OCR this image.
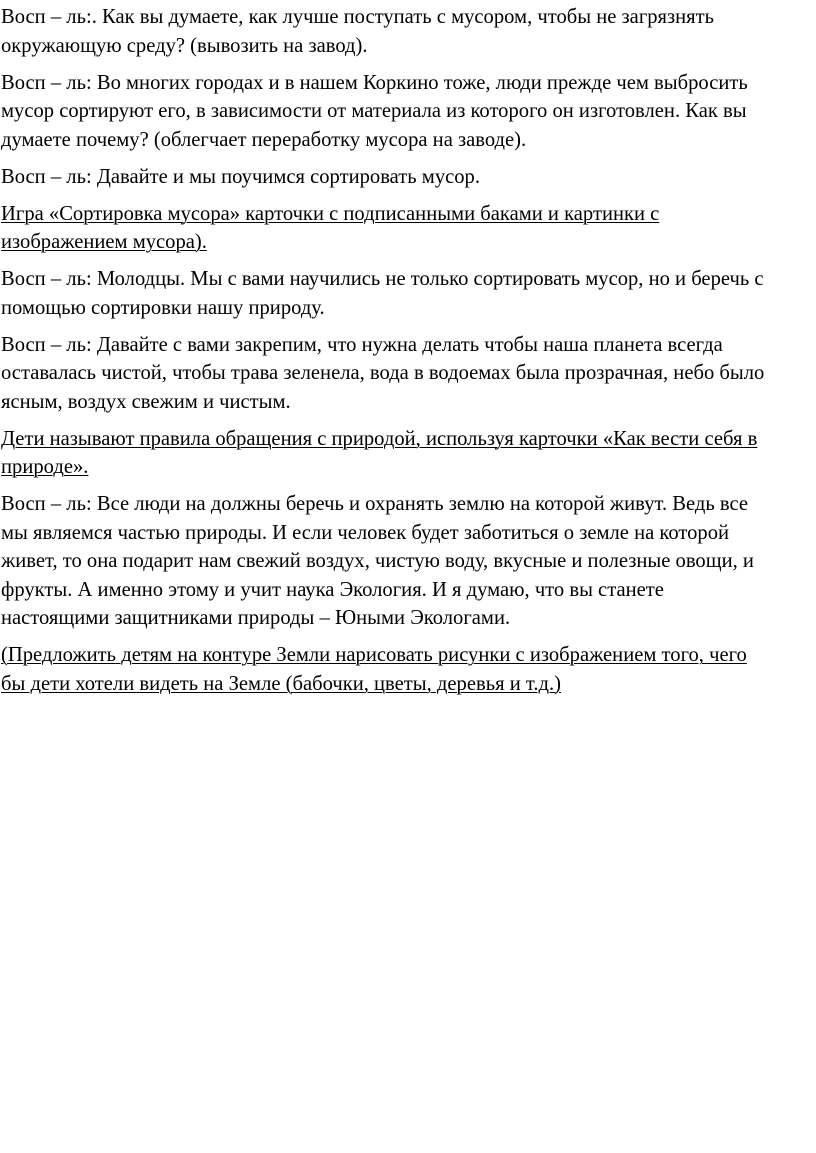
Восп – ль:. Как вы думаете, как лучше поступать с мусором, чтобы не загрязнять
окружающую среду? (вывозить на завод).

Восп – ль: Во многих городах и в нашем Коркино тоже, люди прежде чем выбросить
мусор сортируют его, в зависимости от материала из которого он изготовлен. Как вы
думаете почему? (облегчает переработку мусора на заводе).

Восп – ль: Давайте и мы поучимся сортировать мусор.

Игра «Сортировка мусора» карточки с подписанными баками и картинки с
изображением мусора).

Восп – ль: Молодцы. Мы с вами научились не только сортировать мусор, но и беречь с
помощью сортировки нашу природу.

Восп – ль: Давайте с вами закрепим, что нужна делать чтобы наша планета всегда
оставалась чистой, чтобы трава зеленела, вода в водоемах была прозрачная, небо было
ясным, воздух свежим и чистым.

Дети называют правила обращения с природой, используя карточки «Как вести себя в
природе».

Восп – ль: Все люди на должны беречь и охранять землю на которой живут. Ведь все
мы являемся частью природы. И если человек будет заботиться о земле на которой
живет, то она подарит нам свежий воздух, чистую воду, вкусные и полезные овощи, и
фрукты. А именно этому и учит наука Экология. И я думаю, что вы станете
настоящими защитниками природы – Юными Экологами.

(Предложить детям на контуре Земли нарисовать рисунки с изображением того, чего
бы дети хотели видеть на Земле (бабочки, цветы, деревья и т.д.)
